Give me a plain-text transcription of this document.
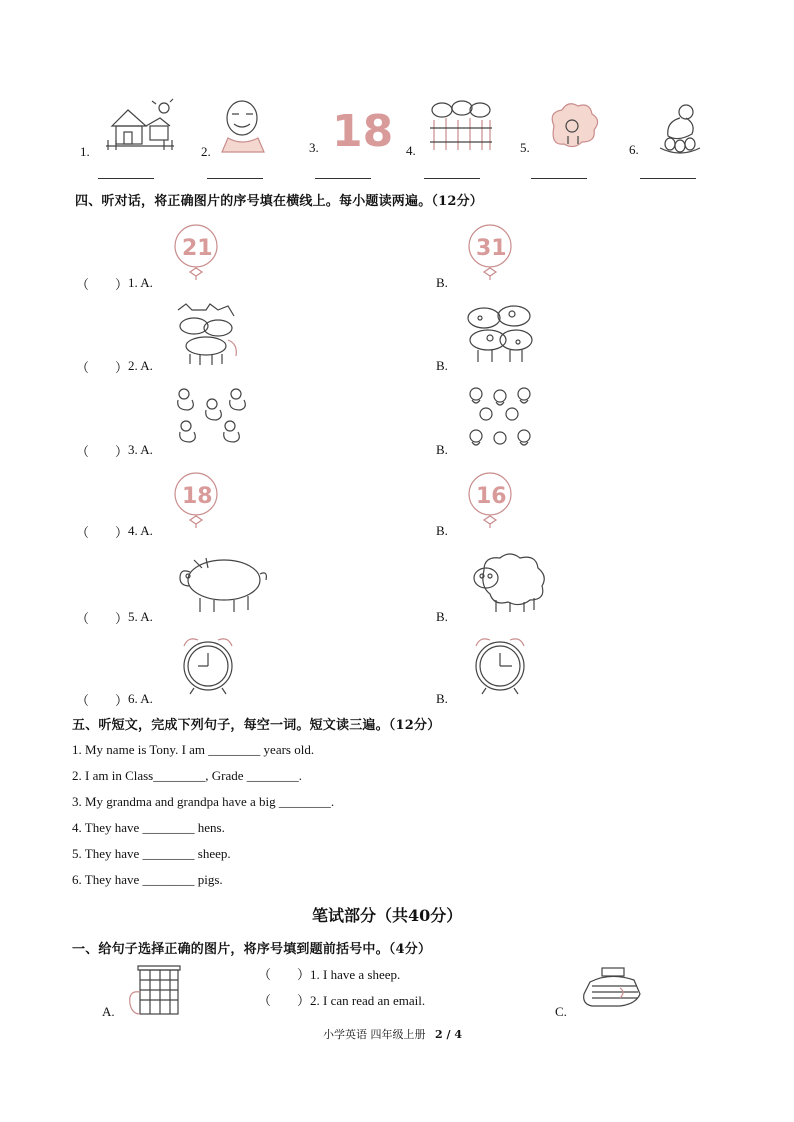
1.	2.	3. 18 4.	5.	6.
四、听对话，将正确图片的序号填在横线上。每小题读两遍。（12分）
（　　） 1. A.
21
B.
31
（　　） 2. A.	B.
（　　） 3. A.	B.
（　　） 4. A.
18
B.
16
（　　） 5. A.	B.
（　　） 6. A.	B.
五、听短文，完成下列句子，每空一词。短文读三遍。（12分）
1. My name is Tony. I am ________ years old.
2. I am in Class________, Grade ________.
3. My grandma and grandpa have a big ________.
4. They have ________ hens.
5. They have ________ sheep.
6. They have ________ pigs.
笔试部分（共40分）
一、给句子选择正确的图片，将序号填到题前括号中。（4分）
A.
（　　）1. I have a sheep.
（　　）2. I can read an email.
C.
小学英语 四年级上册 2 / 4
